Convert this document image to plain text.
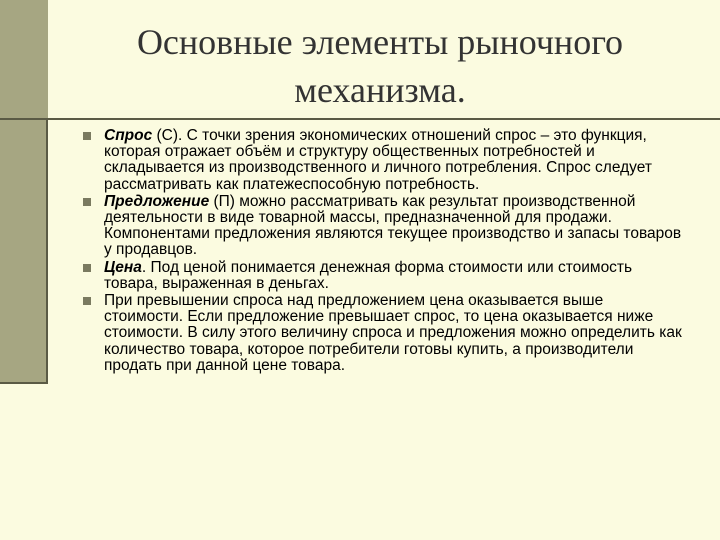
Основные элементы рыночного
механизма.
Спрос (С). С точки зрения экономических отношений спрос – это функция, которая отражает объём и структуру общественных потребностей и складывается из производственного и личного потребления. Спрос следует рассматривать как платежеспособную потребность.
Предложение (П) можно рассматривать как результат производственной деятельности в виде товарной массы, предназначенной для продажи. Компонентами предложения являются текущее производство и запасы товаров у продавцов.
Цена. Под ценой понимается денежная форма стоимости или стоимость товара, выраженная в деньгах.
При превышении спроса над предложением цена оказывается выше стоимости. Если предложение превышает спрос, то цена оказывается ниже стоимости. В силу этого величину спроса и предложения можно определить как количество товара, которое потребители готовы купить, а производители продать при данной цене товара.
